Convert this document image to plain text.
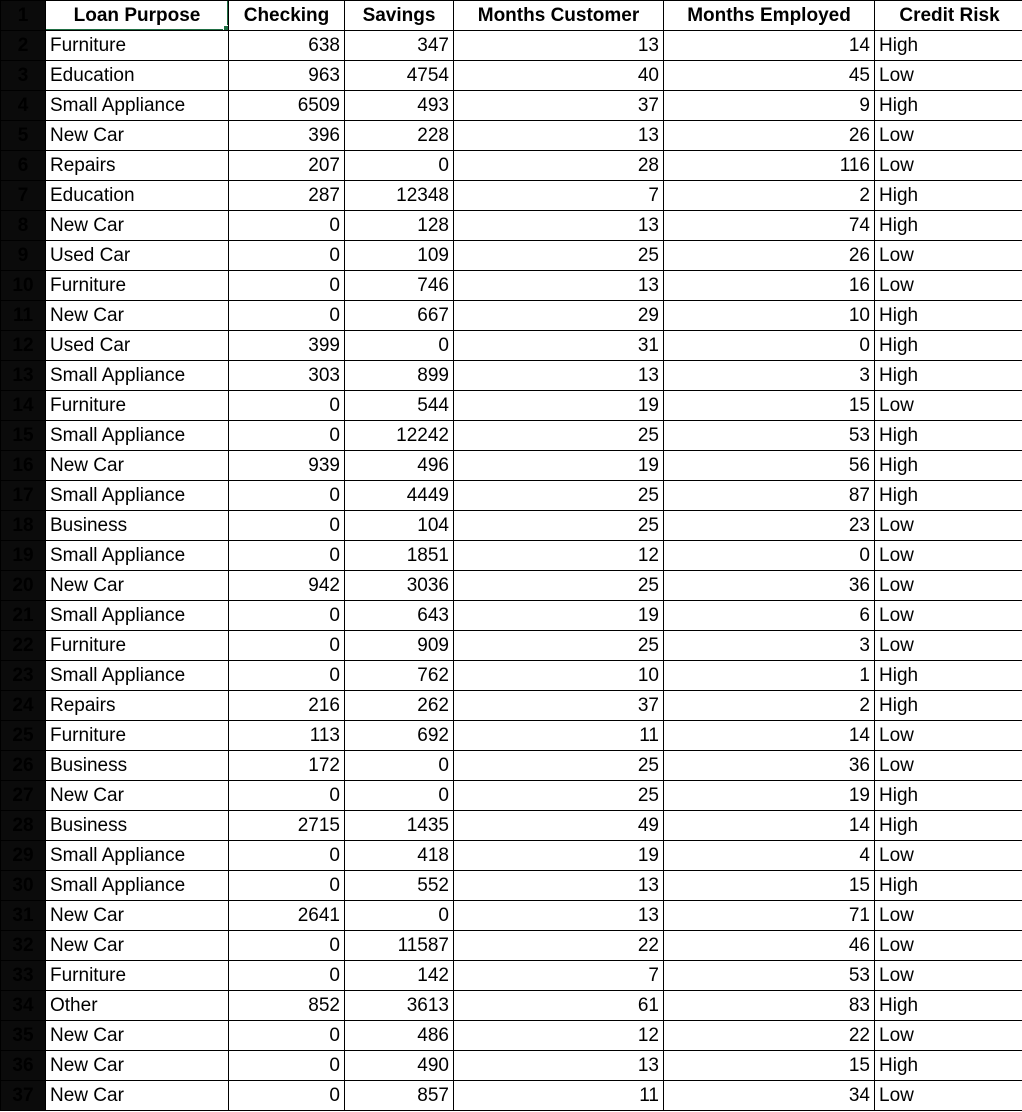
1	Loan Purpose	Checking	Savings	Months Customer	Months Employed	Credit Risk
2	Furniture	638	347	13	14	High
3	Education	963	4754	40	45	Low
4	Small Appliance	6509	493	37	9	High
5	New Car	396	228	13	26	Low
6	Repairs	207	0	28	116	Low
7	Education	287	12348	7	2	High
8	New Car	0	128	13	74	High
9	Used Car	0	109	25	26	Low
10	Furniture	0	746	13	16	Low
11	New Car	0	667	29	10	High
12	Used Car	399	0	31	0	High
13	Small Appliance	303	899	13	3	High
14	Furniture	0	544	19	15	Low
15	Small Appliance	0	12242	25	53	High
16	New Car	939	496	19	56	High
17	Small Appliance	0	4449	25	87	High
18	Business	0	104	25	23	Low
19	Small Appliance	0	1851	12	0	Low
20	New Car	942	3036	25	36	Low
21	Small Appliance	0	643	19	6	Low
22	Furniture	0	909	25	3	Low
23	Small Appliance	0	762	10	1	High
24	Repairs	216	262	37	2	High
25	Furniture	113	692	11	14	Low
26	Business	172	0	25	36	Low
27	New Car	0	0	25	19	High
28	Business	2715	1435	49	14	High
29	Small Appliance	0	418	19	4	Low
30	Small Appliance	0	552	13	15	High
31	New Car	2641	0	13	71	Low
32	New Car	0	11587	22	46	Low
33	Furniture	0	142	7	53	Low
34	Other	852	3613	61	83	High
35	New Car	0	486	12	22	Low
36	New Car	0	490	13	15	High
37	New Car	0	857	11	34	Low
